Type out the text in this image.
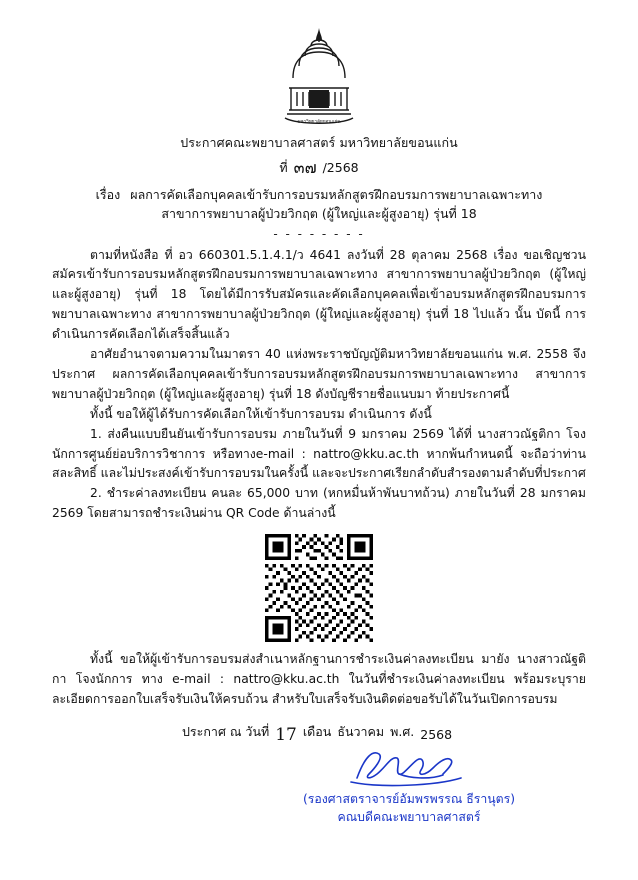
มหาวิทยาลัยขอนแก่น
ประกาศคณะพยาบาลศาสตร์ มหาวิทยาลัยขอนแก่น
ที่ ๓๗ /2568
เรื่อง ผลการคัดเลือกบุคคลเข้ารับการอบรมหลักสูตรฝึกอบรมการพยาบาลเฉพาะทาง
สาขาการพยาบาลผู้ป่วยวิกฤต (ผู้ใหญ่และผู้สูงอายุ) รุ่นที่ 18
- - - - - - - -

ตามที่หนังสือ ที่ อว 660301.5.1.4.1/ว 4641 ลงวันที่ 28 ตุลาคม 2568 เรื่อง ขอเชิญชวนสมัครเข้ารับการอบรมหลักสูตรฝึกอบรมการพยาบาลเฉพาะทาง สาขาการพยาบาลผู้ป่วยวิกฤต (ผู้ใหญ่และผู้สูงอายุ) รุ่นที่ 18 โดยได้มีการรับสมัครและคัดเลือกบุคคลเพื่อเข้าอบรมหลักสูตรฝึกอบรมการพยาบาลเฉพาะทาง สาขาการพยาบาลผู้ป่วยวิกฤต (ผู้ใหญ่และผู้สูงอายุ) รุ่นที่ 18 ไปแล้ว นั้น บัดนี้ การดำเนินการคัดเลือกได้เสร็จสิ้นแล้ว

อาศัยอำนาจตามความในมาตรา 40 แห่งพระราชบัญญัติมหาวิทยาลัยขอนแก่น พ.ศ. 2558 จึงประกาศ ผลการคัดเลือกบุคคลเข้ารับการอบรมหลักสูตรฝึกอบรมการพยาบาลเฉพาะทาง สาขาการพยาบาลผู้ป่วยวิกฤต (ผู้ใหญ่และผู้สูงอายุ) รุ่นที่ 18 ดังบัญชีรายชื่อแนบมา ท้ายประกาศนี้

ทั้งนี้ ขอให้ผู้ได้รับการคัดเลือกให้เข้ารับการอบรม ดำเนินการ ดังนี้

1. ส่งคืนแบบยืนยันเข้ารับการอบรม ภายในวันที่ 9 มกราคม 2569 ได้ที่ นางสาวณัฐติกา โจงนักการศูนย์ย่อบริการวิชาการ หรือทางe-mail : nattro@kku.ac.th หากพ้นกำหนดนี้ จะถือว่าท่านสละสิทธิ์ และไม่ประสงค์เข้ารับการอบรมในครั้งนี้ และจะประกาศเรียกลำดับสำรองตามลำดับที่ประกาศ

2. ชำระค่าลงทะเบียน คนละ 65,000 บาท (หกหมื่นห้าพันบาทถ้วน) ภายในวันที่ 28 มกราคม 2569 โดยสามารถชำระเงินผ่าน QR Code ด้านล่างนี้

ทั้งนี้ ขอให้ผู้เข้ารับการอบรมส่งสำเนาหลักฐานการชำระเงินค่าลงทะเบียน มายัง นางสาวณัฐติกา โจงนักการ ทาง e-mail : nattro@kku.ac.th ในวันที่ชำระเงินค่าลงทะเบียน พร้อมระบุรายละเอียดการออกใบเสร็จรับเงินให้ครบถ้วน สำหรับใบเสร็จรับเงินติดต่อขอรับได้ในวันเปิดการอบรม

ประกาศ ณ วันที่ 17 เดือน ธันวาคม พ.ศ. 2568
(รองศาสตราจารย์อัมพรพรรณ ธีรานุตร)
คณบดีคณะพยาบาลศาสตร์
